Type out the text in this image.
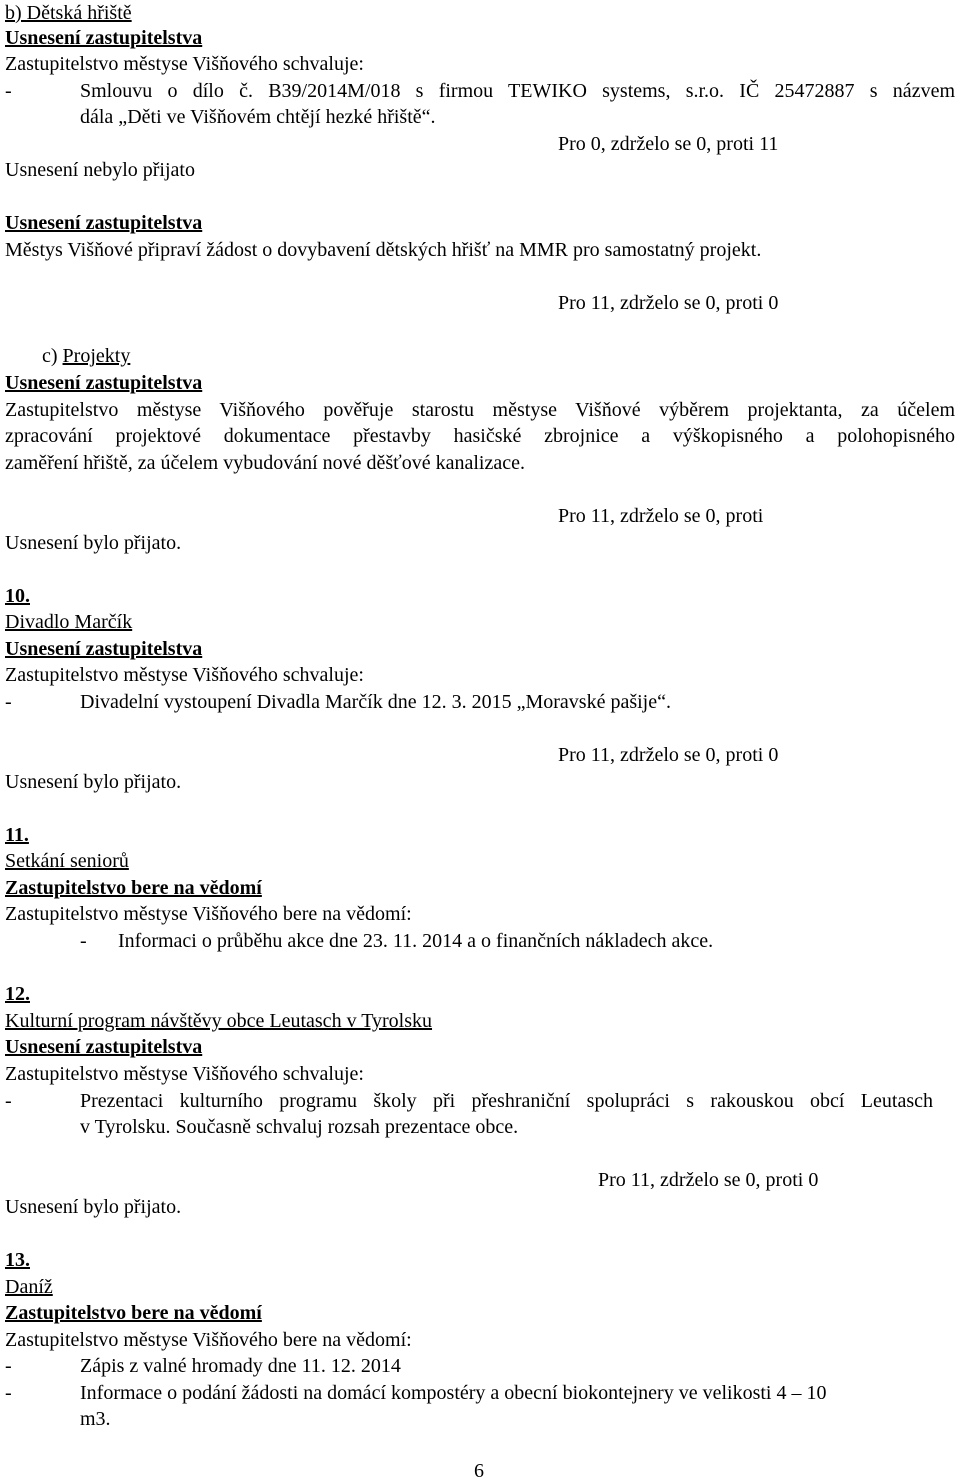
b) Dětská hřiště
Usnesení zastupitelstva
Zastupitelstvo městyse Višňového schvaluje:
-	Smlouvu o dílo č. B39/2014M/018 s firmou TEWIKO systems, s.r.o. IČ 25472887 s názvem
dála „Děti ve Višňovém chtějí hezké hřiště“.
Pro 0, zdrželo se 0, proti 11
Usnesení nebylo přijato
Usnesení zastupitelstva
Městys Višňové připraví žádost o dovybavení dětských hřišť na MMR pro samostatný projekt.
Pro 11, zdrželo se 0, proti 0
c) Projekty
Usnesení zastupitelstva
Zastupitelstvo městyse Višňového pověřuje starostu městyse Višňové výběrem projektanta, za účelem
zpracování projektové dokumentace přestavby hasičské zbrojnice a výškopisného a polohopisného
zaměření hřiště, za účelem vybudování nové děšťové kanalizace.
Pro 11, zdrželo se 0, proti
Usnesení bylo přijato.
10.
Divadlo Marčík
Usnesení zastupitelstva
Zastupitelstvo městyse Višňového schvaluje:
-	Divadelní vystoupení Divadla Marčík dne 12. 3. 2015 „Moravské pašije“.
Pro 11, zdrželo se 0, proti 0
Usnesení bylo přijato.
11.
Setkání seniorů
Zastupitelstvo bere na vědomí
Zastupitelstvo městyse Višňového bere na vědomí:
- Informaci o průběhu akce dne 23. 11. 2014 a o finančních nákladech akce.
12.
Kulturní program návštěvy obce Leutasch v Tyrolsku
Usnesení zastupitelstva
Zastupitelstvo městyse Višňového schvaluje:
-	Prezentaci kulturního programu školy při přeshraniční spolupráci s rakouskou obcí Leutasch
v Tyrolsku. Současně schvaluj rozsah prezentace obce.
Pro 11, zdrželo se 0, proti 0
Usnesení bylo přijato.
13.
Daníž
Zastupitelstvo bere na vědomí
Zastupitelstvo městyse Višňového bere na vědomí:
-	Zápis z valné hromady dne 11. 12. 2014
-	Informace o podání žádosti na domácí kompostéry a obecní biokontejnery ve velikosti 4 – 10
m3.
6
